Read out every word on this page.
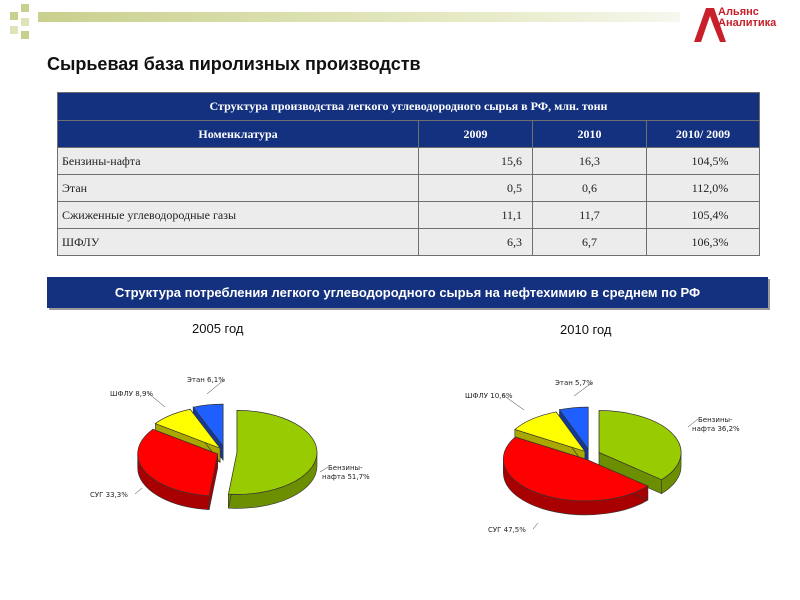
Альянс
Аналитика
Сырьевая база пиролизных производств
Структура производства легкого углеводородного сырья в РФ, млн. тонн			
Номенклатура	2009	2010	2010/ 2009
Бензины-нафта	15,6	16,3	104,5%
Этан	0,5	0,6	112,0%
Сжиженные углеводородные газы	11,1	11,7	105,4%
ШФЛУ	6,3	6,7	106,3%
Структура потребления легкого углеводородного сырья на нефтехимию в среднем по РФ
2005 год	2010 год
Бензины-
нафта 51,7%
СУГ 33,3%
ШФЛУ 8,9%
Этан 6,1%
Бензины-
нафта 36,2%
СУГ 47,5%
ШФЛУ 10,6%
Этан 5,7%
